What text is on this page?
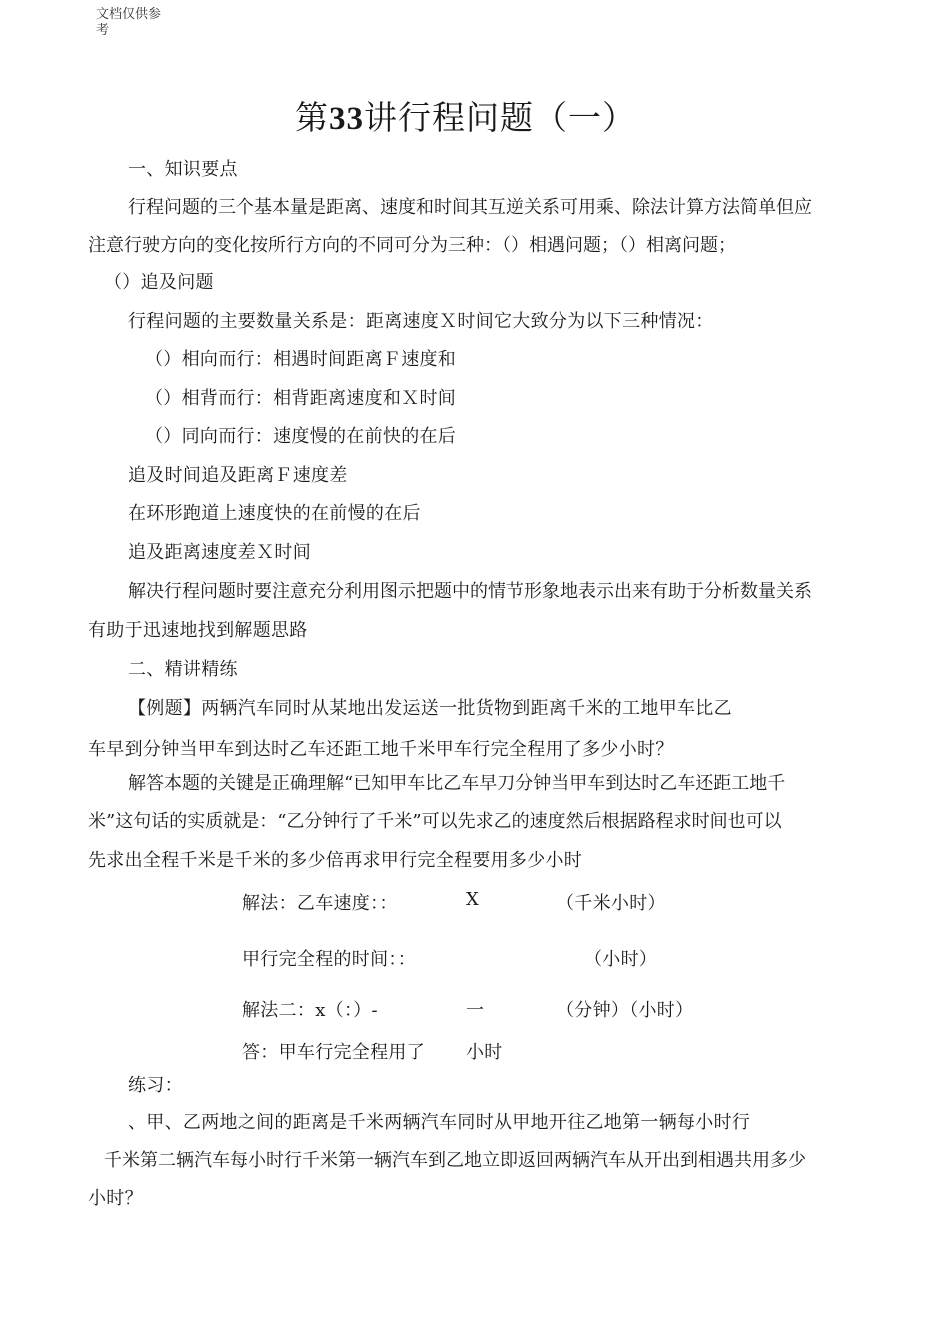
文档仅供参
考
第33讲行程问题（一）
一、知识要点
行程问题的三个基本量是距离、速度和时间其互逆关系可用乘、除法计算方法简单但应
注意行驶方向的变化按所行方向的不同可分为三种：（）相遇问题；（）相离问题；
（）追及问题
行程问题的主要数量关系是：距离速度Ｘ时间它大致分为以下三种情况：
（）相向而行：相遇时间距离Ｆ速度和
（）相背而行：相背距离速度和Ｘ时间
（）同向而行：速度慢的在前快的在后
追及时间追及距离Ｆ速度差
在环形跑道上速度快的在前慢的在后
追及距离速度差Ｘ时间
解决行程问题时要注意充分利用图示把题中的情节形象地表示出来有助于分析数量关系
有助于迅速地找到解题思路
二、精讲精练
【例题】两辆汽车同时从某地出发运送一批货物到距离千米的工地甲车比乙
车早到分钟当甲车到达时乙车还距工地千米甲车行完全程用了多少小时？
解答本题的关键是正确理解“已知甲车比乙车早刀分钟当甲车到达时乙车还距工地千
米”这句话的实质就是：“乙分钟行了千米”可以先求乙的速度然后根据路程求时间也可以
先求出全程千米是千米的多少倍再求甲行完全程要用多少小时
解法：乙车速度：：	X	（千米小时）
甲行完全程的时间：：	（小时）
解法二：x（：）-	一	（分钟）（小时）
答：甲车行完全程用了 小时
练习：
、甲、乙两地之间的距离是千米两辆汽车同时从甲地开往乙地第一辆每小时行
千米第二辆汽车每小时行千米第一辆汽车到乙地立即返回两辆汽车从开出到相遇共用多少
小时？
